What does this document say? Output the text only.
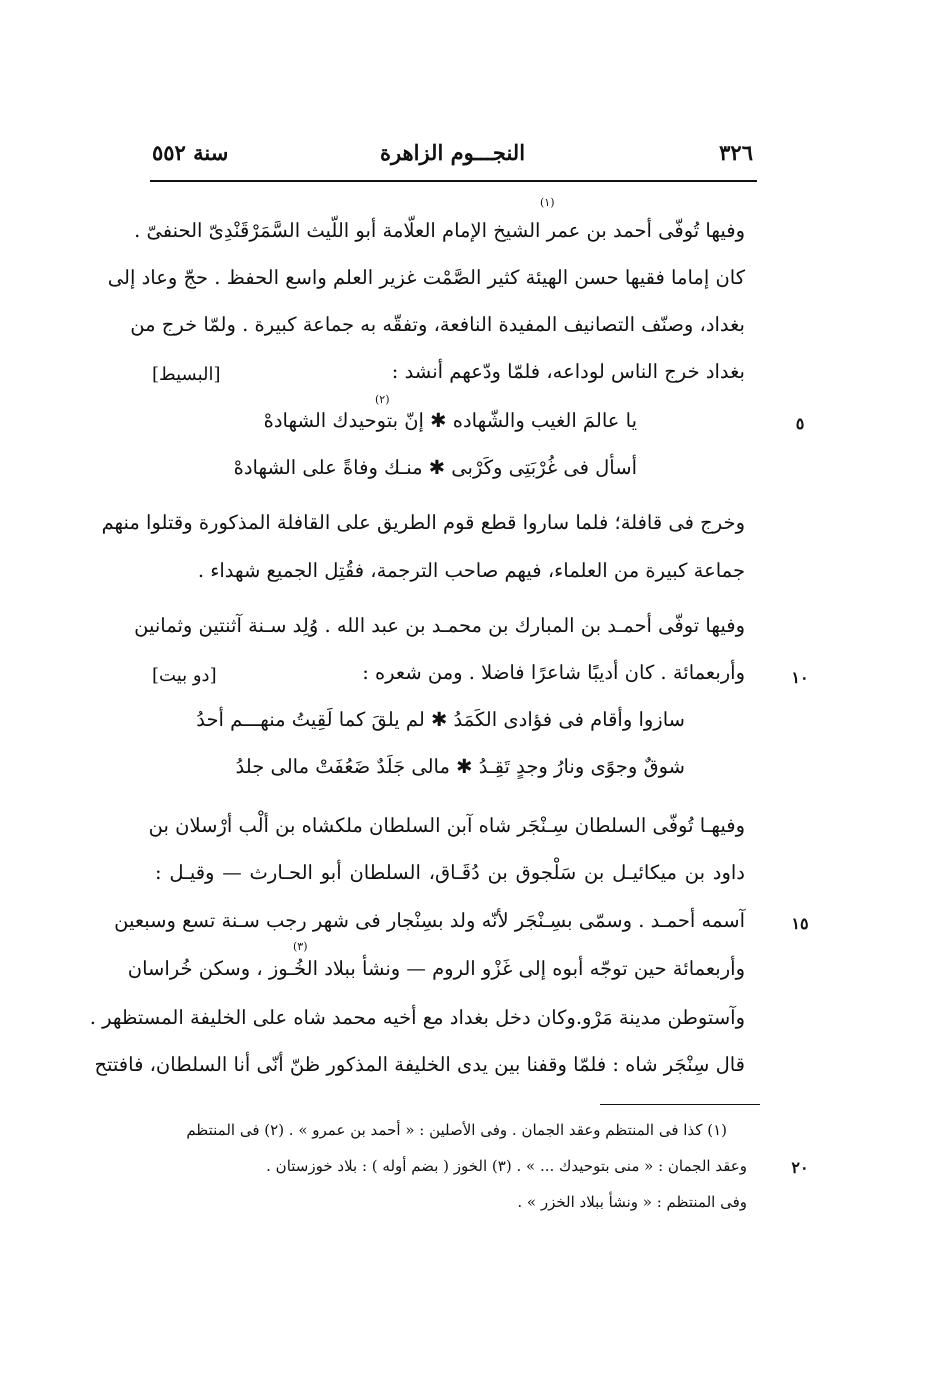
٣٢٦
النجـــوم الزاهرة
سنة ٥٥٢
(١)
(٢)
(٣)
وفيها تُوفّى أحمد بن عمر الشيخ الإمام العلّامة أبو اللّيث السَّمَرْقَنْدِىّ الحنفىّ .
كان إماما فقيها حسن الهيئة كثير الصَّمْت غزير العلم واسع الحفظ . حجّ وعاد إلى
بغداد، وصنّف التصانيف المفيدة النافعة، وتفقّه به جماعة كبيرة . ولمّا خرج من
بغداد خرج الناس لوداعه، فلمّا ودّعهم أنشد :
[البسيط]
يا عالمَ الغيب والشّهاده ✱ إنّ بتوحيدك الشهادهْ	٥
أسأل فى غُرْبَتِى وكَرْبى ✱ منـك وفاةً على الشهادهْ
وخرج فى قافلة؛ فلما ساروا قطع قوم الطريق على القافلة المذكورة وقتلوا منهم
جماعة كبيرة من العلماء، فيهم صاحب الترجمة، فقُتِل الجميع شهداء .
وفيها توفّى أحمـد بن المبارك بن محمـد بن عبد الله . وُلِد سـنة آثنتين وثمانين
وأربعمائة . كان أديبًا شاعرًا فاضلا . ومن شعره :
[دو بيت]	١٠
سازوا وأقام فى فؤادى الكَمَدُ ✱ لم يلقَ كما لَقِيتُ منهـــم أحدُ
شوقٌ وجوًى ونارُ وجدٍ تَقِـدُ ✱ مالى جَلَدٌ ضَعُفَتْ مالى جلدُ
وفيهـا تُوفّى السلطان سِـنْجَر شاه آبن السلطان ملكشاه بن ألْب أرْسلان بن
داود بن ميكائيـل بن سَلْجوق بن دُقَـاق، السلطان أبو الحـارث — وقيـل :
آسمه أحمـد . وسمّى بسِـنْجَر لأنّه ولد بسِنْجار فى شهر رجب سـنة تسع وسبعين	١٥
وأربعمائة حين توجّه أبوه إلى غَزْو الروم — ونشأ ببلاد الخُـوز ، وسكن خُراسان
وآستوطن مدينة مَرْو.وكان دخل بغداد مع أخيه محمد شاه على الخليفة المستظهر .
قال سِنْجَر شاه : فلمّا وقفنا بين يدى الخليفة المذكور ظنّ أنّى أنا السلطان، فافتتح
(١) كذا فى المنتظم وعقد الجمان . وفى الأصلين : « أحمد بن عمرو » . (٢) فى المنتظم
وعقد الجمان : « منى بتوحيدك ... » . (٣) الخوز ( بضم أوله ) : بلاد خوزستان .	٢٠
وفى المنتظم : « ونشأ ببلاد الخزر » .
